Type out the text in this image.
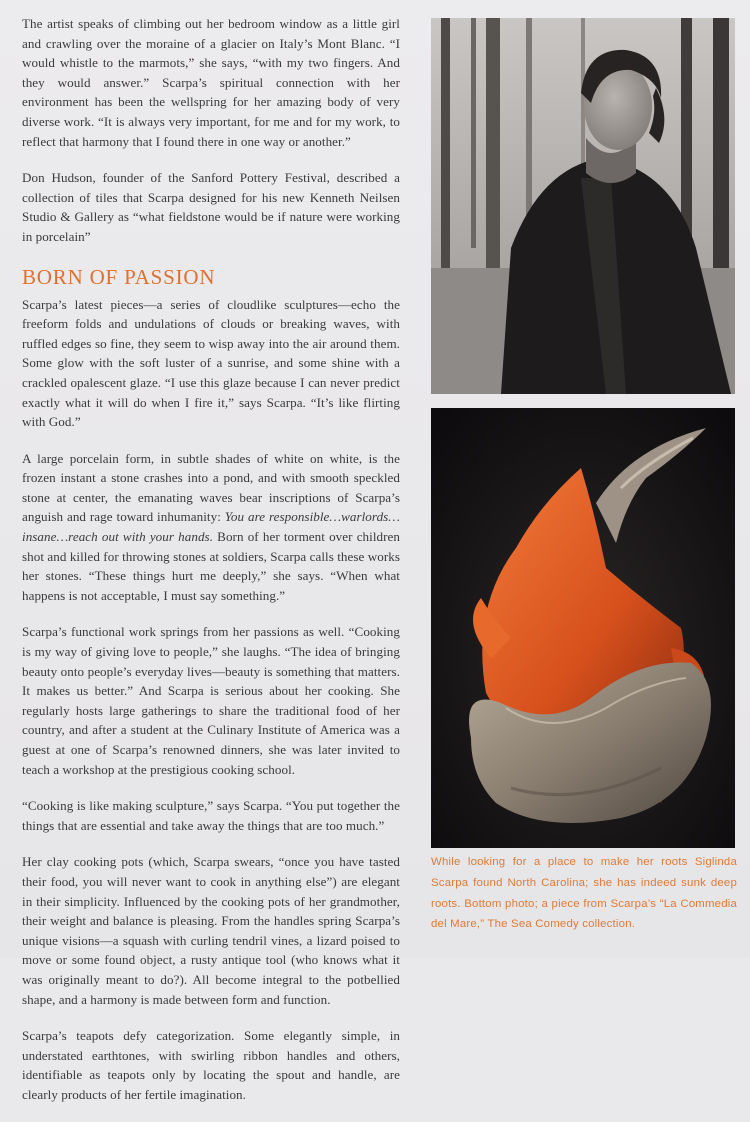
The artist speaks of climbing out her bedroom window as a little girl and crawling over the moraine of a glacier on Italy’s Mont Blanc. “I would whistle to the marmots,” she says, “with my two fingers. And they would answer.” Scarpa’s spiritual connection with her environment has been the wellspring for her amazing body of very diverse work. “It is always very important, for me and for my work, to reflect that harmony that I found there in one way or another.”

Don Hudson, founder of the Sanford Pottery Festival, described a collection of tiles that Scarpa designed for his new Kenneth Neilsen Studio & Gallery as “what fieldstone would be if nature were working in porcelain”

BORN OF PASSION

Scarpa’s latest pieces—a series of cloudlike sculptures—echo the freeform folds and undulations of clouds or breaking waves, with ruffled edges so fine, they seem to wisp away into the air around them. Some glow with the soft luster of a sunrise, and some shine with a crackled opalescent glaze. “I use this glaze because I can never predict exactly what it will do when I fire it,” says Scarpa. “It’s like flirting with God.”

A large porcelain form, in subtle shades of white on white, is the frozen instant a stone crashes into a pond, and with smooth speckled stone at center, the emanating waves bear inscriptions of Scarpa’s anguish and rage toward inhumanity: You are responsible…warlords…insane…reach out with your hands. Born of her torment over children shot and killed for throwing stones at soldiers, Scarpa calls these works her stones. “These things hurt me deeply,” she says. “When what happens is not acceptable, I must say something.”

Scarpa’s functional work springs from her passions as well. “Cooking is my way of giving love to people,” she laughs. “The idea of bringing beauty onto people’s everyday lives—beauty is something that matters. It makes us better.” And Scarpa is serious about her cooking. She regularly hosts large gatherings to share the traditional food of her country, and after a student at the Culinary Institute of America was a guest at one of Scarpa’s renowned dinners, she was later invited to teach a workshop at the prestigious cooking school.

“Cooking is like making sculpture,” says Scarpa. “You put together the things that are essential and take away the things that are too much.”

Her clay cooking pots (which, Scarpa swears, “once you have tasted their food, you will never want to cook in anything else”) are elegant in their simplicity. Influenced by the cooking pots of her grandmother, their weight and balance is pleasing. From the handles spring Scarpa’s unique visions—a squash with curling tendril vines, a lizard poised to move or some found object, a rusty antique tool (who knows what it was originally meant to do?). All become integral to the potbellied shape, and a harmony is made between form and function.

Scarpa’s teapots defy categorization. Some elegantly simple, in understated earthtones, with swirling ribbon handles and others, identifiable as teapots only by locating the spout and handle, are clearly products of her fertile imagination.

While looking for a place to make her roots Siglinda Scarpa found North Carolina; she has indeed sunk deep roots. Bottom photo; a piece from Scarpa’s “La Commedia del Mare,” The Sea Comedy collection.
